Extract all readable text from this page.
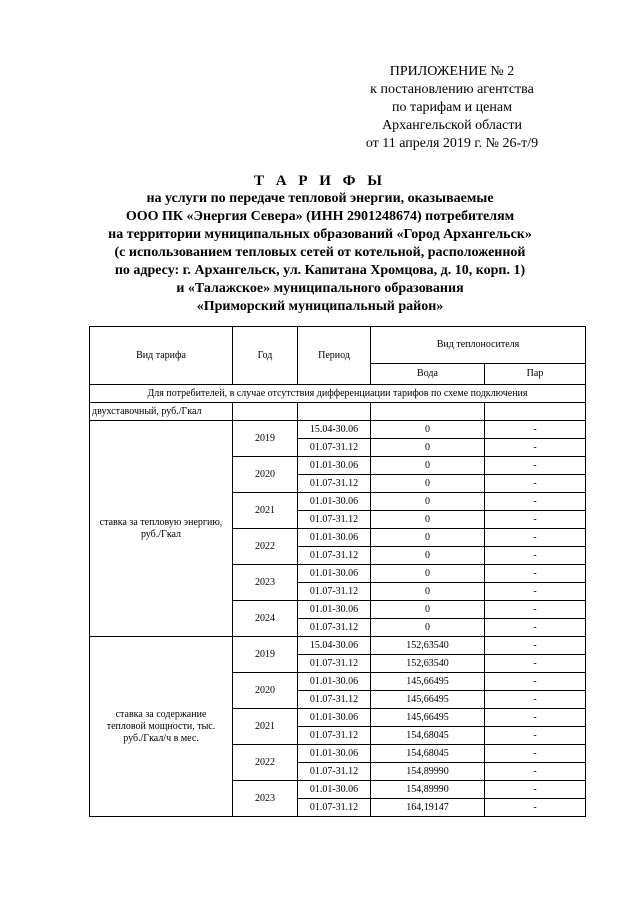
ПРИЛОЖЕНИЕ № 2
к постановлению агентства
по тарифам и ценам
Архангельской области
от 11 апреля 2019 г. № 26-т/9
Т А Р И Ф Ы
на услуги по передаче тепловой энергии, оказываемые
ООО ПК «Энергия Севера» (ИНН 2901248674) потребителям
на территории муниципальных образований «Город Архангельск»
(с использованием тепловых сетей от котельной, расположенной
по адресу: г. Архангельск, ул. Капитана Хромцова, д. 10, корп. 1)
и «Талажское» муниципального образования
«Приморский муниципальный район»
Вид тарифа	Год	Период	Вид теплоносителя	
			Вода	Пар
Для потребителей, в случае отсутствия дифференциации тарифов по схеме подключения				
двухставочный, руб./Гкал				
ставка за тепловую энергию, руб./Гкал	2019	15.04-30.06	0	-
		01.07-31.12	0	-
	2020	01.01-30.06	0	-
		01.07-31.12	0	-
	2021	01.01-30.06	0	-
		01.07-31.12	0	-
	2022	01.01-30.06	0	-
		01.07-31.12	0	-
	2023	01.01-30.06	0	-
		01.07-31.12	0	-
	2024	01.01-30.06	0	-
		01.07-31.12	0	-
ставка за содержание тепловой мощности, тыс. руб./Гкал/ч в мес.	2019	15.04-30.06	152,63540	-
		01.07-31.12	152,63540	-
	2020	01.01-30.06	145,66495	-
		01.07-31.12	145,66495	-
	2021	01.01-30.06	145,66495	-
		01.07-31.12	154,68045	-
	2022	01.01-30.06	154,68045	-
		01.07-31.12	154,89990	-
	2023	01.01-30.06	154,89990	-
		01.07-31.12	164,19147	-
